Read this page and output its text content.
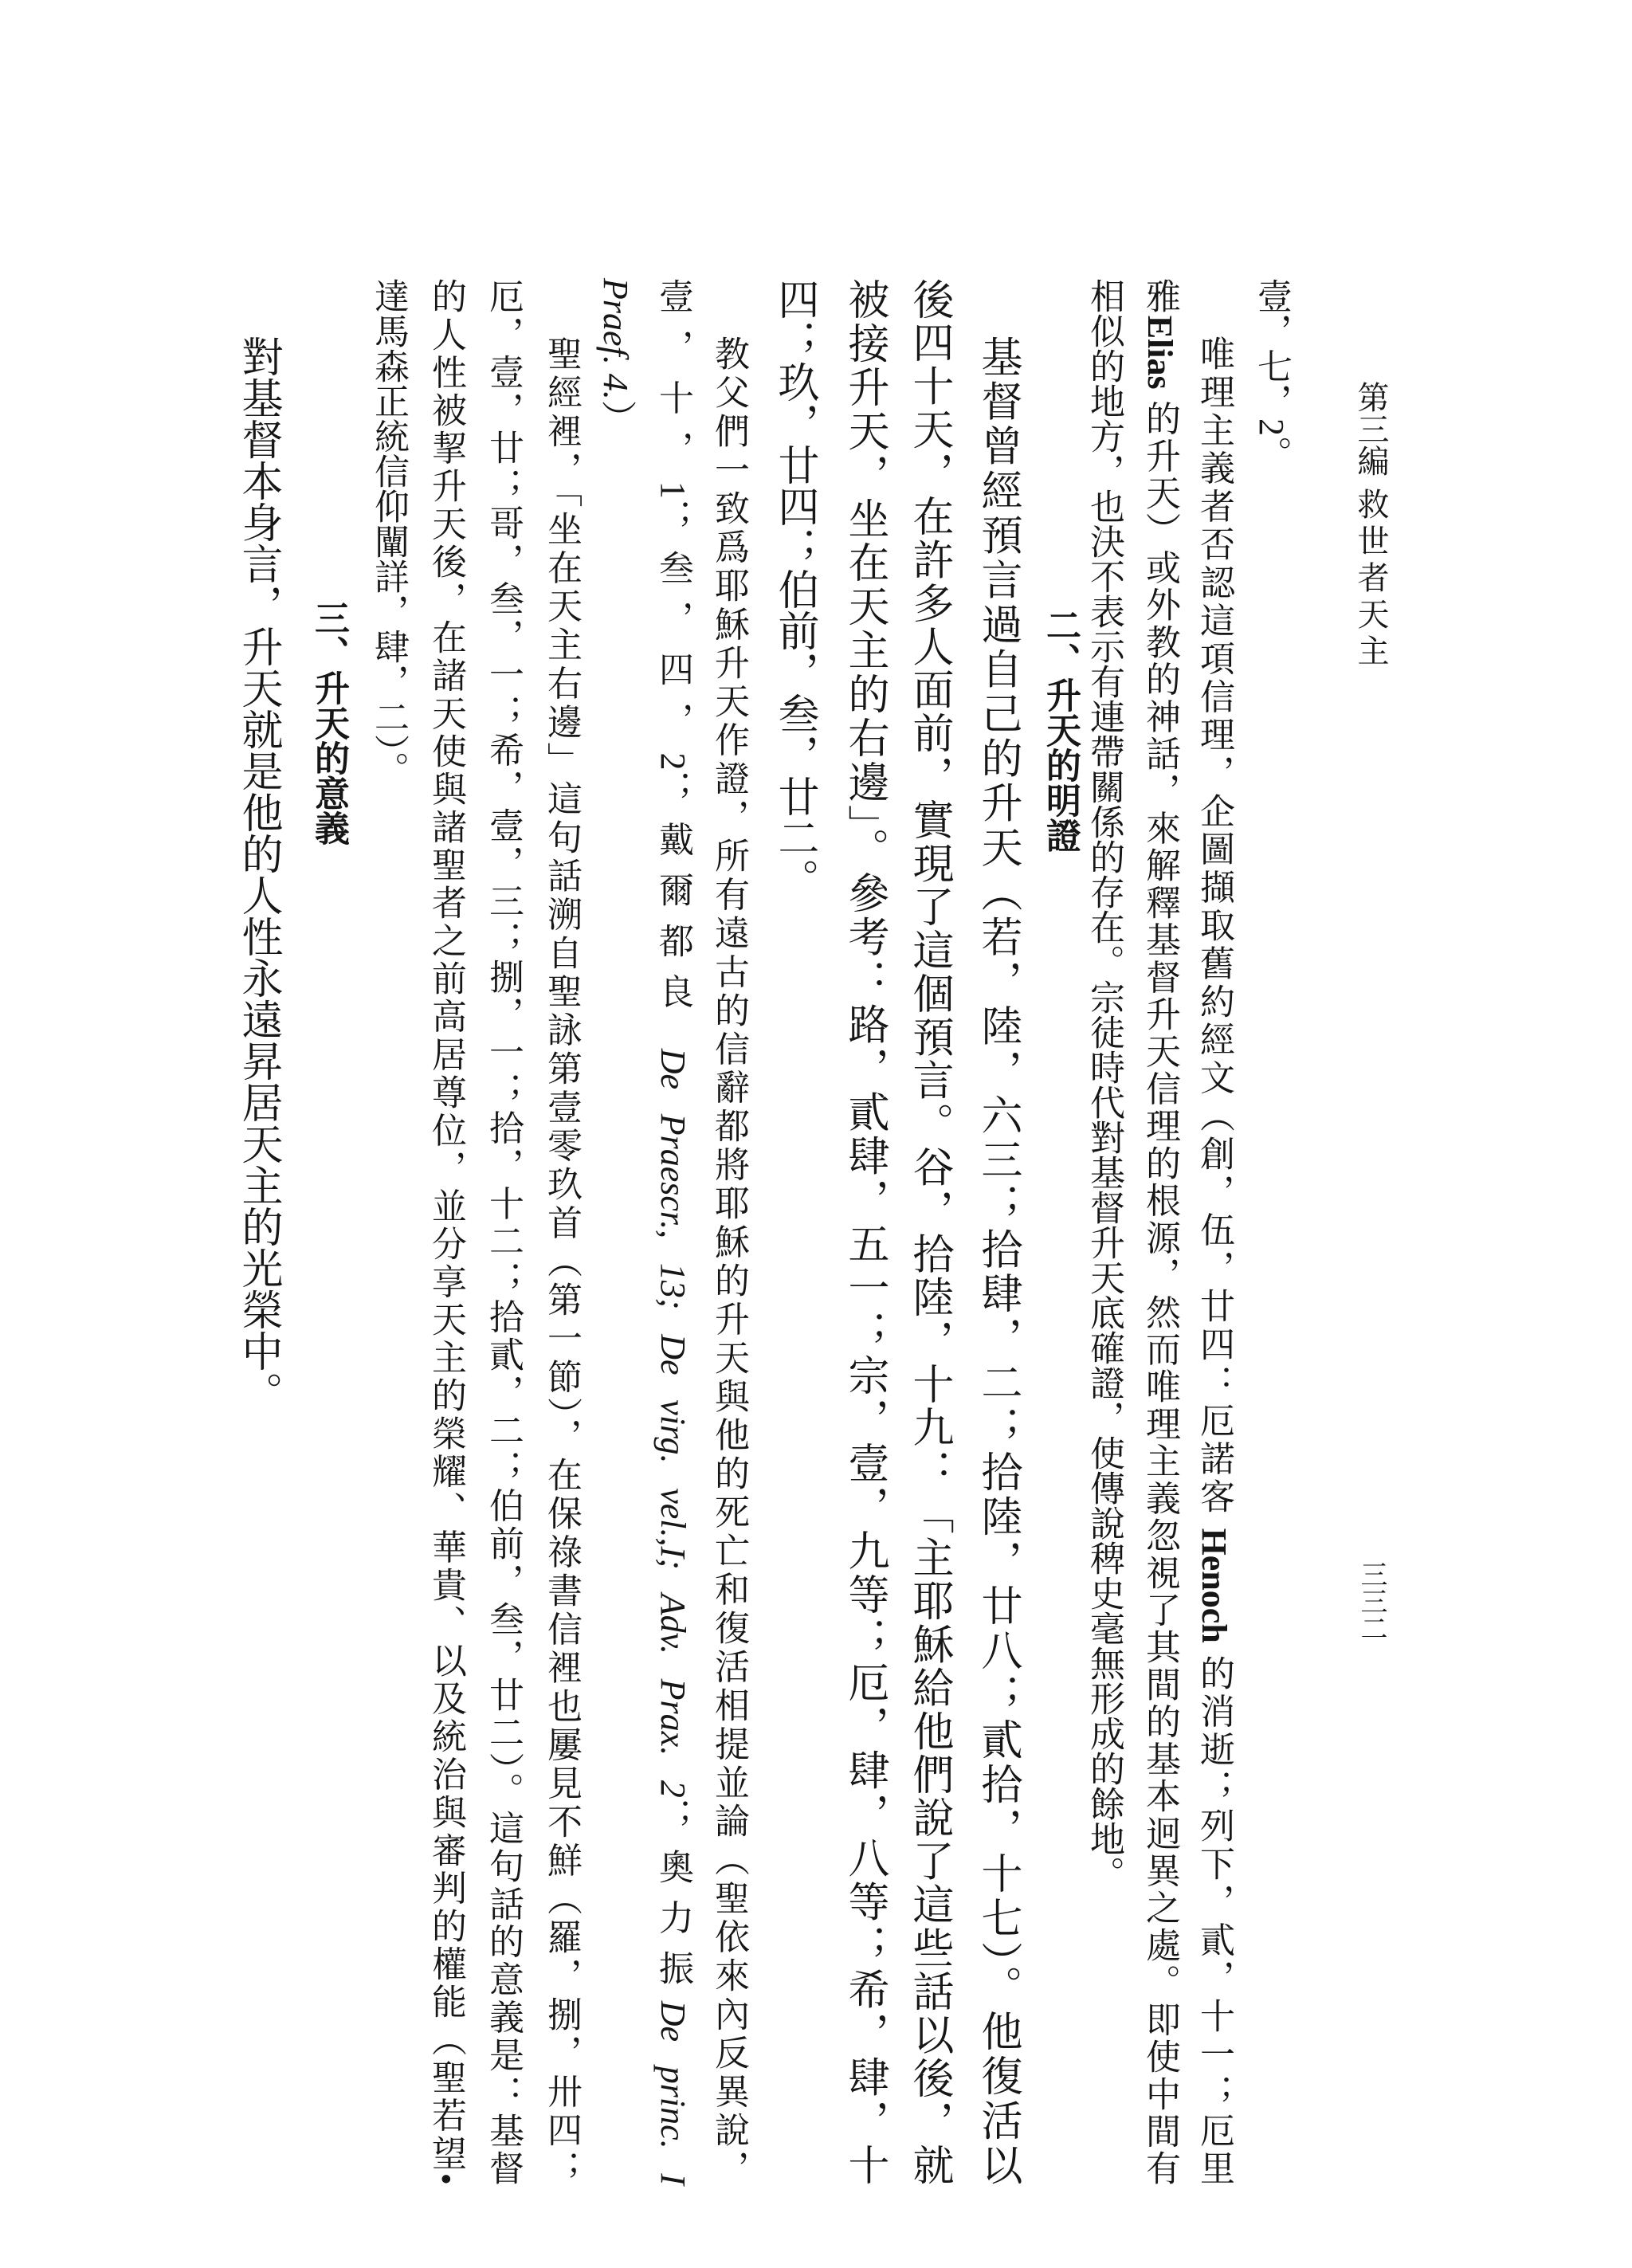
第三編
救世者天主
三三二
壹，七，2。
唯理主義者否認這項信理，企圖擷取舊約經文（創，伍，廿四：厄諾客 Henoch 的消逝；列下，貳，十一；厄里
雅Elias 的升天）或外教的神話，來解釋基督升天信理的根源，然而唯理主義忽視了其間的基本迥異之處。即使中間有
相似的地方，也決不表示有連帶關係的存在。宗徒時代對基督升天底確證，使傳說稗史毫無形成的餘地。
二、升天的明證
基督曾經預言過自己的升天（若，陸，六三；拾肆，二；拾陸，廿八；貳拾，十七）。他復活以
後四十天，在許多人面前，實現了這個預言。谷，拾陸，十九：「主耶穌給他們說了這些話以後，就
被接升天，坐在天主的右邊」。參考：路，貳肆，五一；宗，壹，九等；厄，肆，八等；希，肆，十
四；玖，廿四；伯前，叁，廿二。
教父們一致爲耶穌升天作證，所有遠古的信辭都將耶穌的升天與他的死亡和復活相提並論（聖依來內反異說，
壹，十，1；叁，四，2；戴爾都良 De Praescr., 13; De virg. vel.,I; Adv. Prax. 2；奧力振De princ. I
Praef. 4.）
聖經裡，「坐在天主右邊」這句話溯自聖詠第壹零玖首（第一節），在保祿書信裡也屢見不鮮（羅，捌，卅四；
厄，壹，廿；哥，叁，一；希，壹，三；捌，一；拾，十二；拾貳，二；伯前，叁，廿二）。這句話的意義是：基督
的人性被挈升天後，在諸天使與諸聖者之前高居尊位，並分享天主的榮耀、華貴、以及統治與審判的權能（聖若望•
達馬森正統信仰闡詳，肆，二）。
三、升天的意義
對基督本身言，升天就是他的人性永遠昇居天主的光榮中。
